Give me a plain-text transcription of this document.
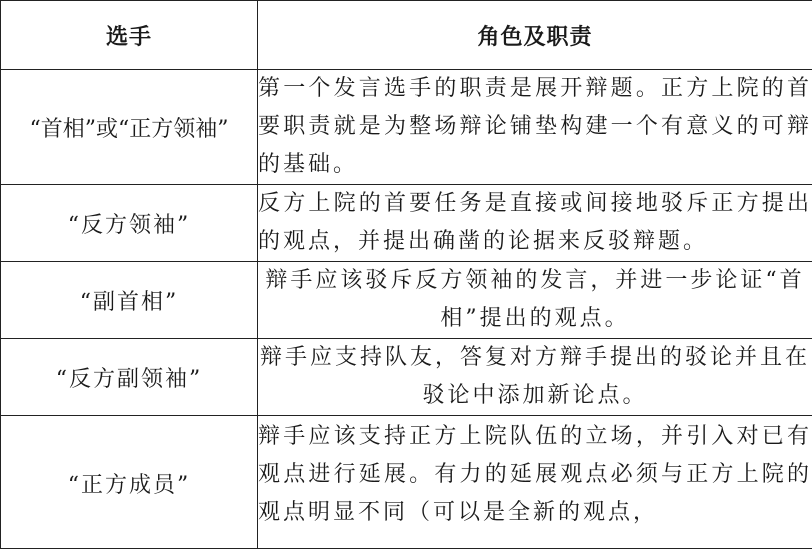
选手	角色及职责
“首相”或“正方领袖”	第一个发言选手的职责是展开辩题。正方上院的首要职责就是为整场辩论铺垫构建一个有意义的可辩的基础。
“反方领袖”	反方上院的首要任务是直接或间接地驳斥正方提出的观点，并提出确凿的论据来反驳辩题。
“副首相”	辩手应该驳斥反方领袖的发言，并进一步论证“首相”提出的观点。
“反方副领袖”	辩手应支持队友，答复对方辩手提出的驳论并且在驳论中添加新论点。
“正方成员”	辩手应该支持正方上院队伍的立场，并引入对已有观点进行延展。有力的延展观点必须与正方上院的观点明显不同（可以是全新的观点，
